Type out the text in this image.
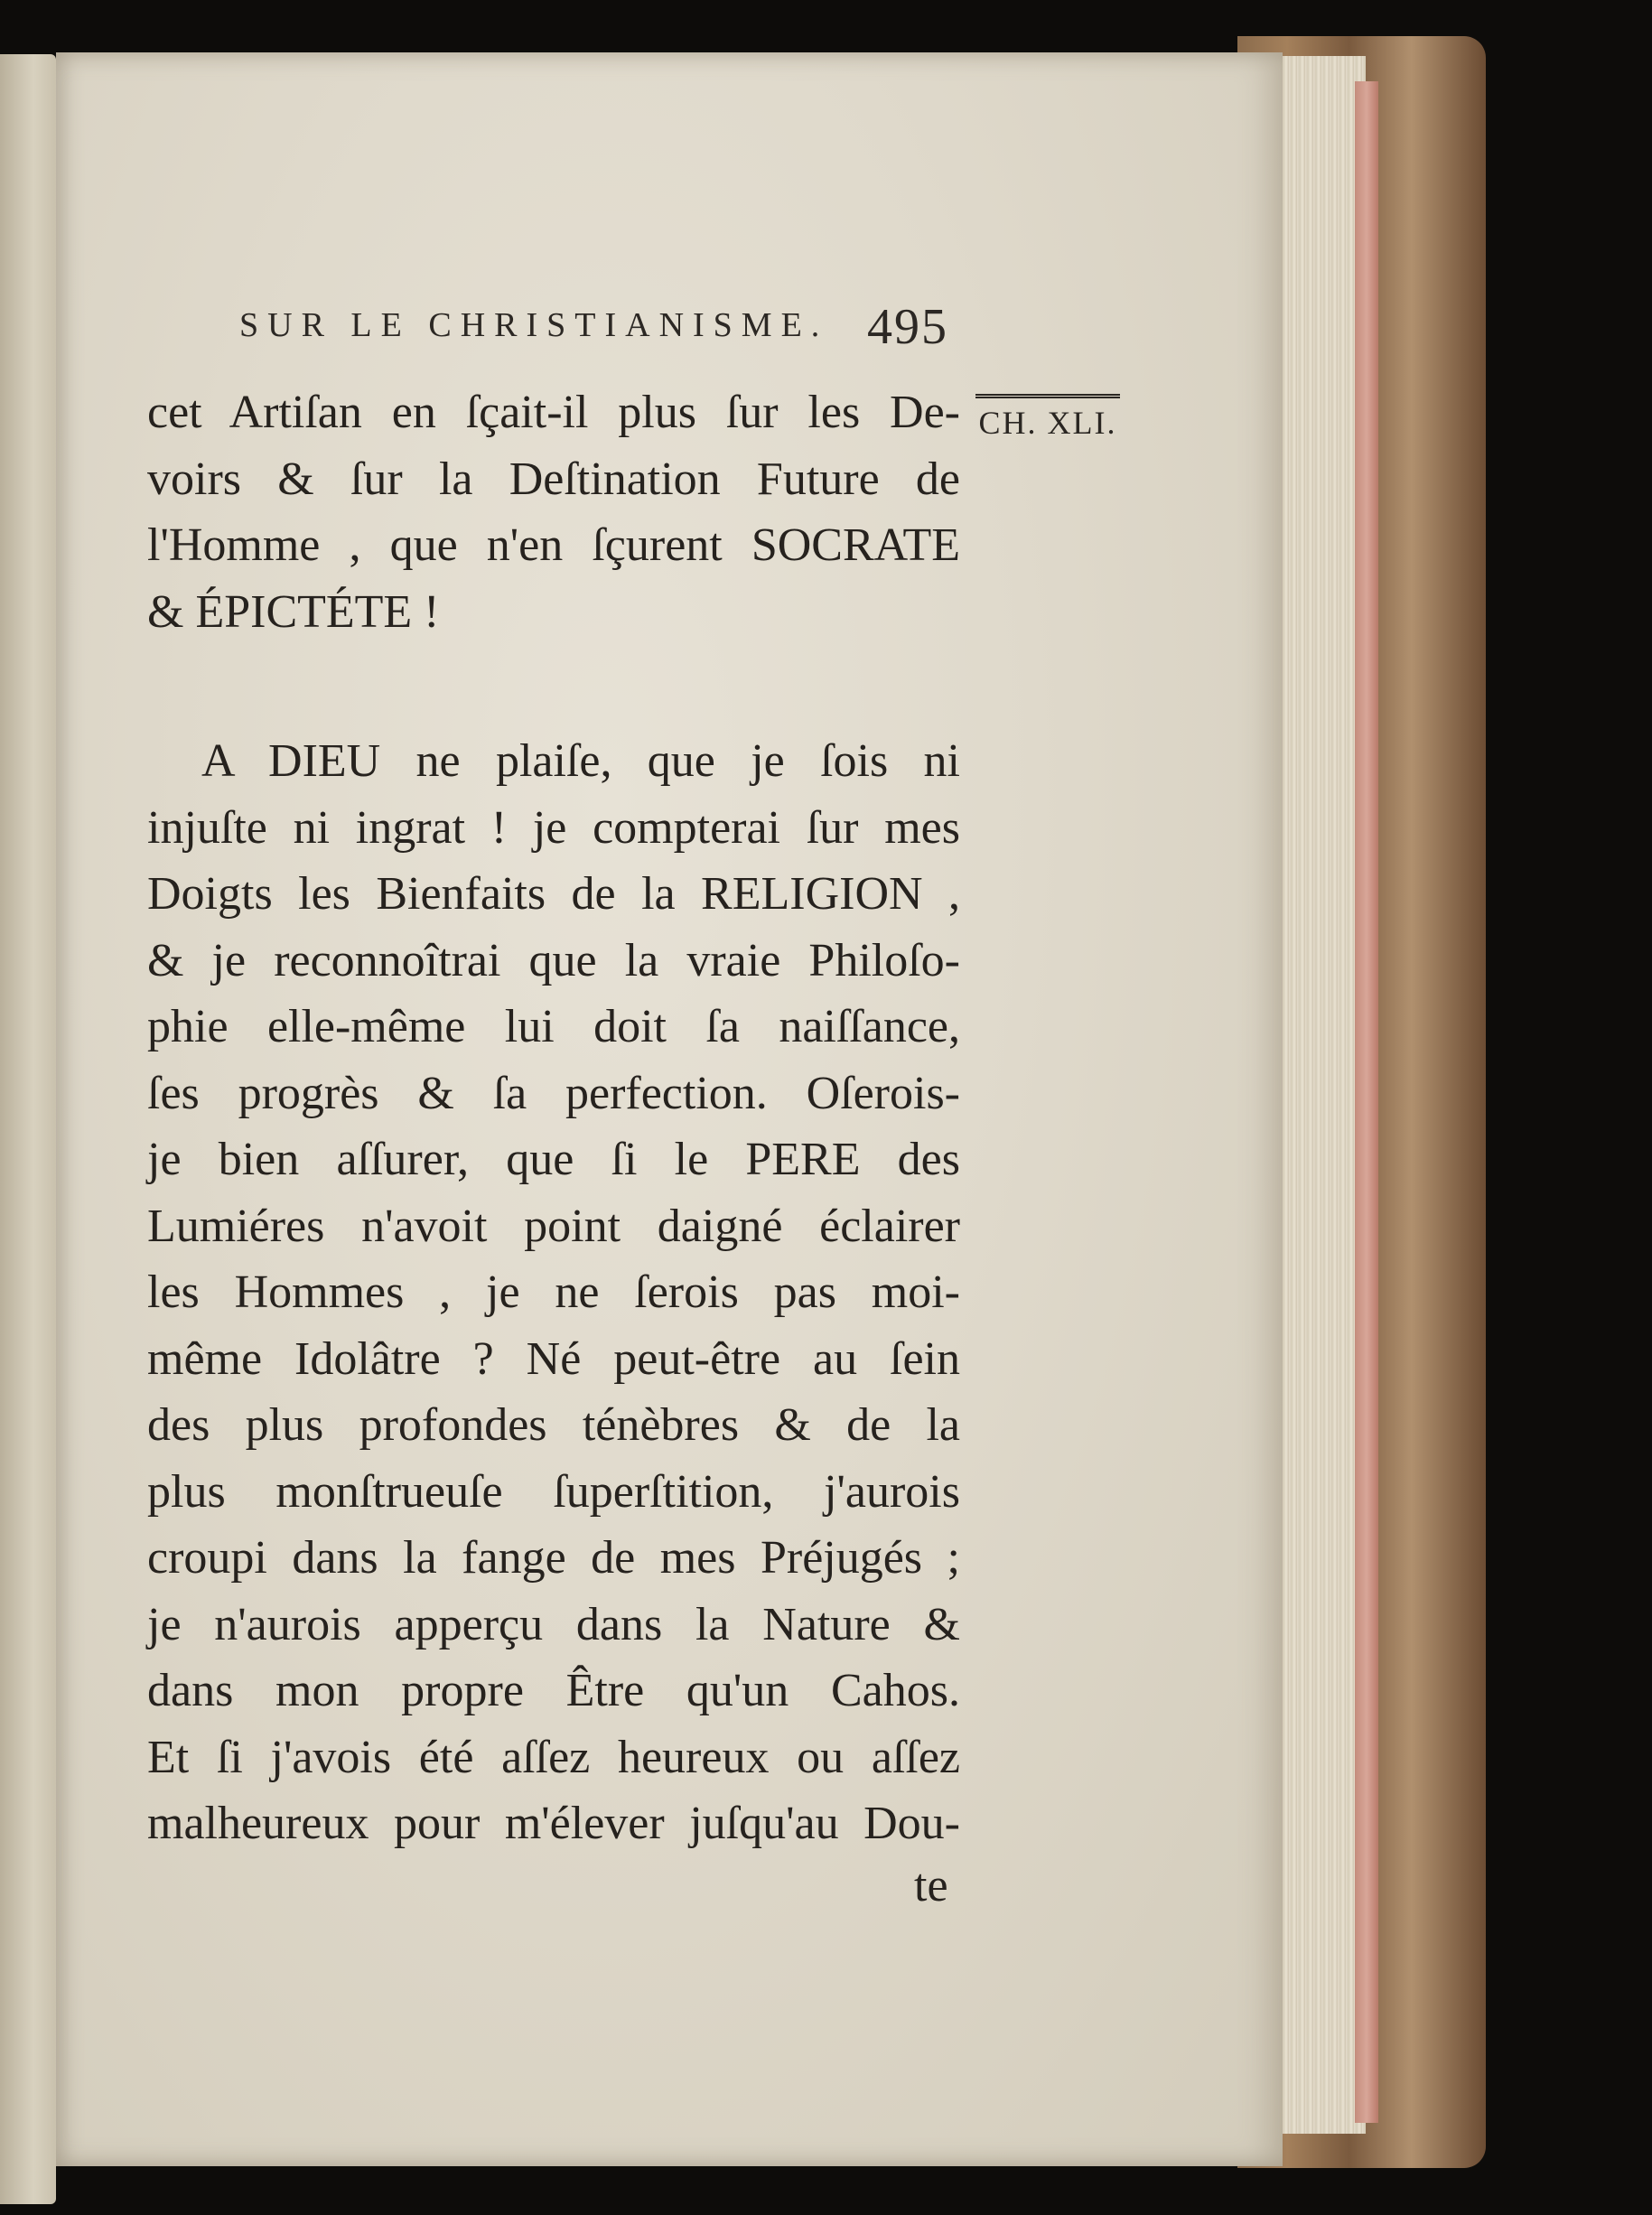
SUR LE CHRISTIANISME. 495
CH. XLI.
cet Artiſan en ſçait-il plus ſur les De-
voirs & ſur la Deſtination Future de
l'Homme , que n'en ſçurent SOCRATE
& ÉPICTÉTE !
A DIEU ne plaiſe, que je ſois ni
injuſte ni ingrat ! je compterai ſur mes
Doigts les Bienfaits de la RELIGION ,
& je reconnoîtrai que la vraie Philoſo-
phie elle-même lui doit ſa naiſſance,
ſes progrès & ſa perfection. Oſerois-
je bien aſſurer, que ſi le PERE des
Lumiéres n'avoit point daigné éclairer
les Hommes , je ne ſerois pas moi-
même Idolâtre ? Né peut-être au ſein
des plus profondes ténèbres & de la
plus monſtrueuſe ſuperſtition, j'aurois
croupi dans la fange de mes Préjugés ;
je n'aurois apperçu dans la Nature &
dans mon propre Être qu'un Cahos.
Et ſi j'avois été aſſez heureux ou aſſez
malheureux pour m'élever juſqu'au Dou-
te
